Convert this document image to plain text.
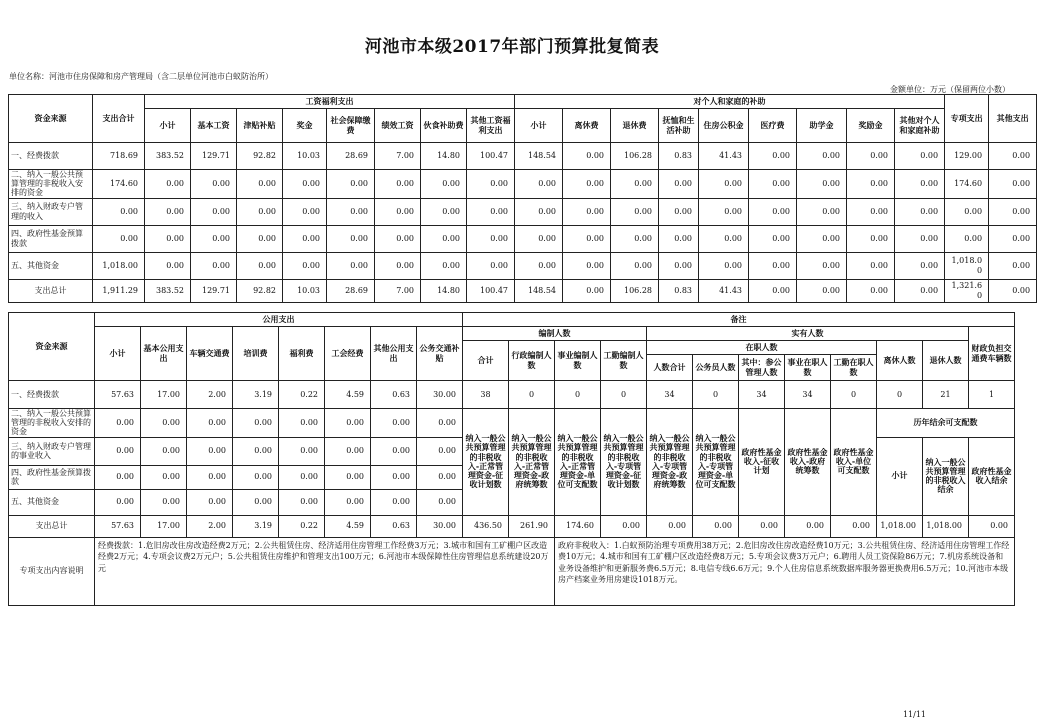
河池市本级2017年部门预算批复简表
单位名称：河池市住房保障和房产管理局（含二层单位河池市白蚁防治所）
金额单位：万元（保留两位小数）
资金来源	支出合计	工资福利支出								对个人和家庭的补助									专项支出	其他支出
		小计	基本工资	津贴补贴	奖金	社会保障缴费	绩效工资	伙食补助费	其他工资福利支出	小计	离休费	退休费	抚恤和生活补助	住房公积金	医疗费	助学金	奖励金	其他对个人和家庭补助		
一、经费拨款	718.69	383.52	129.71	92.82	10.03	28.69	7.00	14.80	100.47	148.54	0.00	106.28	0.83	41.43	0.00	0.00	0.00	0.00	129.00	0.00
二、纳入一般公共预算管理的非税收入安排的资金	174.60	0.00	0.00	0.00	0.00	0.00	0.00	0.00	0.00	0.00	0.00	0.00	0.00	0.00	0.00	0.00	0.00	0.00	174.60	0.00
三、纳入财政专户管理的收入	0.00	0.00	0.00	0.00	0.00	0.00	0.00	0.00	0.00	0.00	0.00	0.00	0.00	0.00	0.00	0.00	0.00	0.00	0.00	0.00
四、政府性基金预算拨款	0.00	0.00	0.00	0.00	0.00	0.00	0.00	0.00	0.00	0.00	0.00	0.00	0.00	0.00	0.00	0.00	0.00	0.00	0.00	0.00
五、其他资金	1,018.00	0.00	0.00	0.00	0.00	0.00	0.00	0.00	0.00	0.00	0.00	0.00	0.00	0.00	0.00	0.00	0.00	0.00	1,018.00	0.00
支出总计	1,911.29	383.52	129.71	92.82	10.03	28.69	7.00	14.80	100.47	148.54	0.00	106.28	0.83	41.43	0.00	0.00	0.00	0.00	1,321.60	0.00
资金来源	公用支出								备注											
	小计	基本公用支出	车辆交通费	培训费	福利费	工会经费	其他公用支出	公务交通补贴	编制人数				实有人数							财政负担交通费车辆数
									合计	行政编制人数	事业编制人数	工勤编制人数	在职人数					离休人数	退休人数	
													人数合计	公务员人数	其中：参公管理人数	事业在职人数	工勤在职人数			
一、经费拨款	57.63	17.00	2.00	3.19	0.22	4.59	0.63	30.00	38	0	0	0	34	0	34	34	0	0	21	1
二、纳入一般公共预算管理的非税收入安排的资金	0.00	0.00	0.00	0.00	0.00	0.00	0.00	0.00	纳入一般公共预算管理的非税收入-正常管理资金-征收计划数	纳入一般公共预算管理的非税收入-正常管理资金-政府统筹数	纳入一般公共预算管理的非税收入-正常管理资金-单位可支配数	纳入一般公共预算管理的非税收入-专项管理资金-征收计划数	纳入一般公共预算管理的非税收入-专项管理资金-政府统筹数	纳入一般公共预算管理的非税收入-专项管理资金-单位可支配数	政府性基金收入-征收计划	政府性基金收入-政府统筹数	政府性基金收入-单位可支配数	历年结余可支配数		
三、纳入财政专户管理的事业收入	0.00	0.00	0.00	0.00	0.00	0.00	0.00	0.00										小计	纳入一般公共预算管理的非税收入结余	政府性基金收入结余
四、政府性基金预算拨款	0.00	0.00	0.00	0.00	0.00	0.00	0.00	0.00												
五、其他资金	0.00	0.00	0.00	0.00	0.00	0.00	0.00	0.00												
支出总计	57.63	17.00	2.00	3.19	0.22	4.59	0.63	30.00	436.50	261.90	174.60	0.00	0.00	0.00	0.00	0.00	0.00	1,018.00	1,018.00	0.00
专项支出内容说明	经费拨款：1.危旧房改住房改造经费2万元；2.公共租赁住房、经济适用住房管理工作经费3万元；3.城市和国有工矿棚户区改造经费2万元；4.专项会议费2万元户；5.公共租赁住房维护和管理支出100万元；6.河池市本级保障性住房管理信息系统建设20万元										政府非税收入：1.白蚁预防治理专项费用38万元；2.危旧房改住房改造经费10万元；3.公共租赁住房、经济适用住房管理工作经费10万元；4.城市和国有工矿棚户区改造经费8万元；5.专项会议费3万元户；6.聘用人员工资保险86万元；7.机房系统设备和业务设备维护和更新服务费6.5万元；8.电信专线6.6万元；9.个人住房信息系统数据库服务器更换费用6.5万元；10.河池市本级房产档案业务用房建设1018万元。									
11/11
